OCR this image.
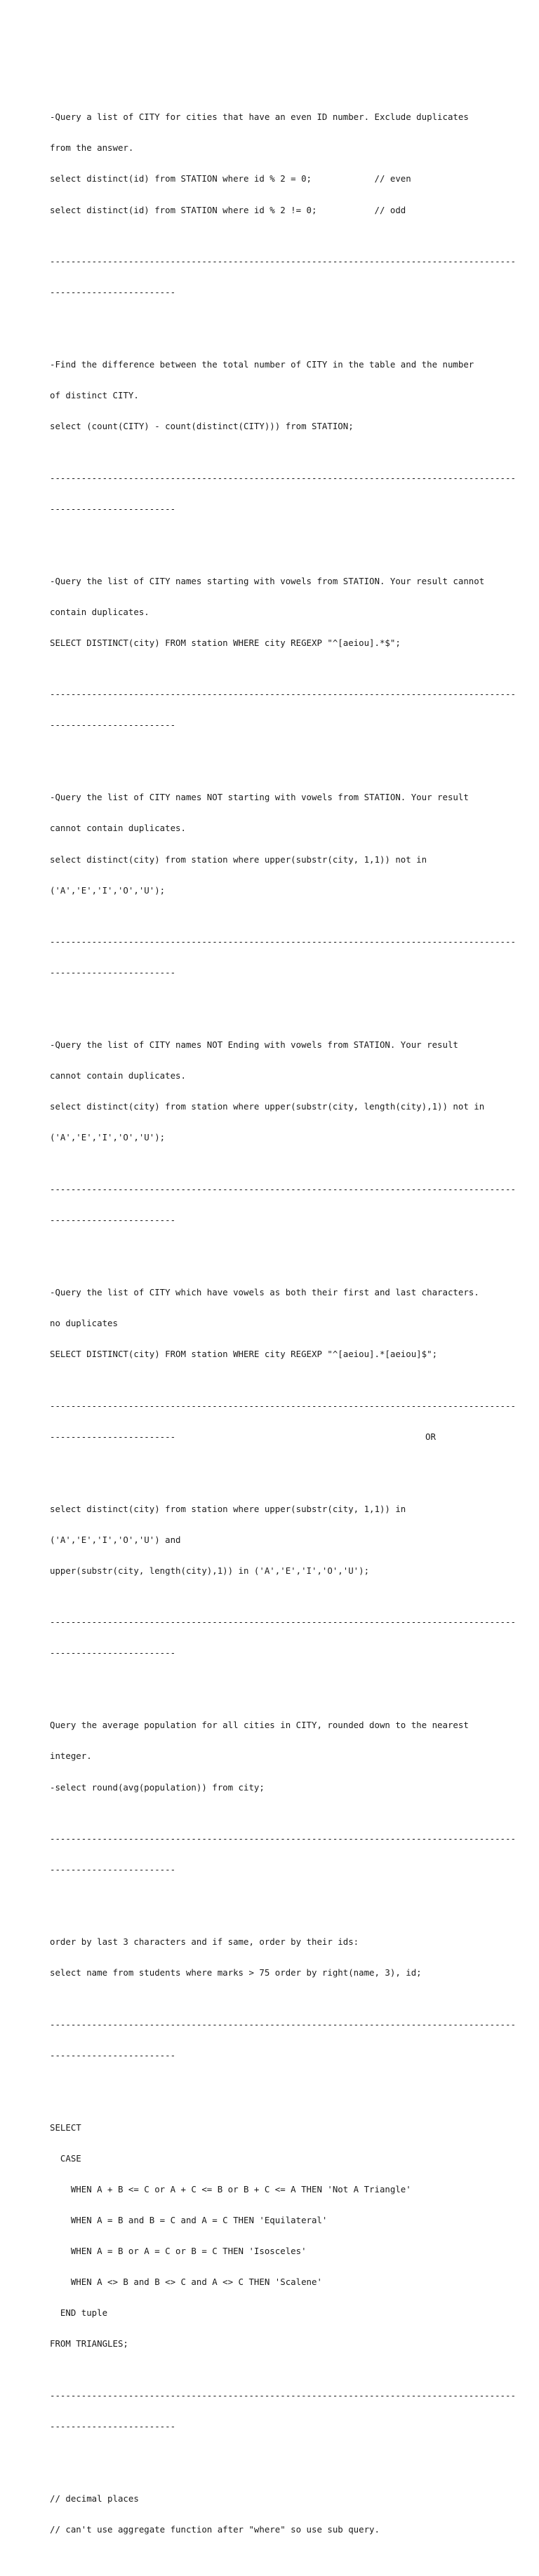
-Query a list of CITY for cities that have an even ID number. Exclude duplicates

from the answer.

select distinct(id) from STATION where id % 2 = 0;            // even

select distinct(id) from STATION where id % 2 != 0;           // odd

-----------------------------------------------------------------------------------------

------------------------

-Find the difference between the total number of CITY in the table and the number

of distinct CITY.

select (count(CITY) - count(distinct(CITY))) from STATION;

-----------------------------------------------------------------------------------------

------------------------

-Query the list of CITY names starting with vowels from STATION. Your result cannot

contain duplicates.

SELECT DISTINCT(city) FROM station WHERE city REGEXP "^[aeiou].*$";

-----------------------------------------------------------------------------------------

------------------------

-Query the list of CITY names NOT starting with vowels from STATION. Your result

cannot contain duplicates.

select distinct(city) from station where upper(substr(city, 1,1)) not in

('A','E','I','O','U');

-----------------------------------------------------------------------------------------

------------------------

-Query the list of CITY names NOT Ending with vowels from STATION. Your result

cannot contain duplicates.

select distinct(city) from station where upper(substr(city, length(city),1)) not in

('A','E','I','O','U');

-----------------------------------------------------------------------------------------

------------------------

-Query the list of CITY which have vowels as both their first and last characters.

no duplicates

SELECT DISTINCT(city) FROM station WHERE city REGEXP "^[aeiou].*[aeiou]$";

-----------------------------------------------------------------------------------------

------------------------	OR

select distinct(city) from station where upper(substr(city, 1,1)) in

('A','E','I','O','U') and

upper(substr(city, length(city),1)) in ('A','E','I','O','U');

-----------------------------------------------------------------------------------------

------------------------

Query the average population for all cities in CITY, rounded down to the nearest

integer.

-select round(avg(population)) from city;

-----------------------------------------------------------------------------------------

------------------------

order by last 3 characters and if same, order by their ids:

select name from students where marks > 75 order by right(name, 3), id;

-----------------------------------------------------------------------------------------

------------------------

SELECT

CASE

WHEN A + B <= C or A + C <= B or B + C <= A THEN 'Not A Triangle'

WHEN A = B and B = C and A = C THEN 'Equilateral'

WHEN A = B or A = C or B = C THEN 'Isosceles'

WHEN A <> B and B <> C and A <> C THEN 'Scalene'

END tuple

FROM TRIANGLES;

-----------------------------------------------------------------------------------------

------------------------

// decimal places

// can't use aggregate function after "where" so use sub query.
